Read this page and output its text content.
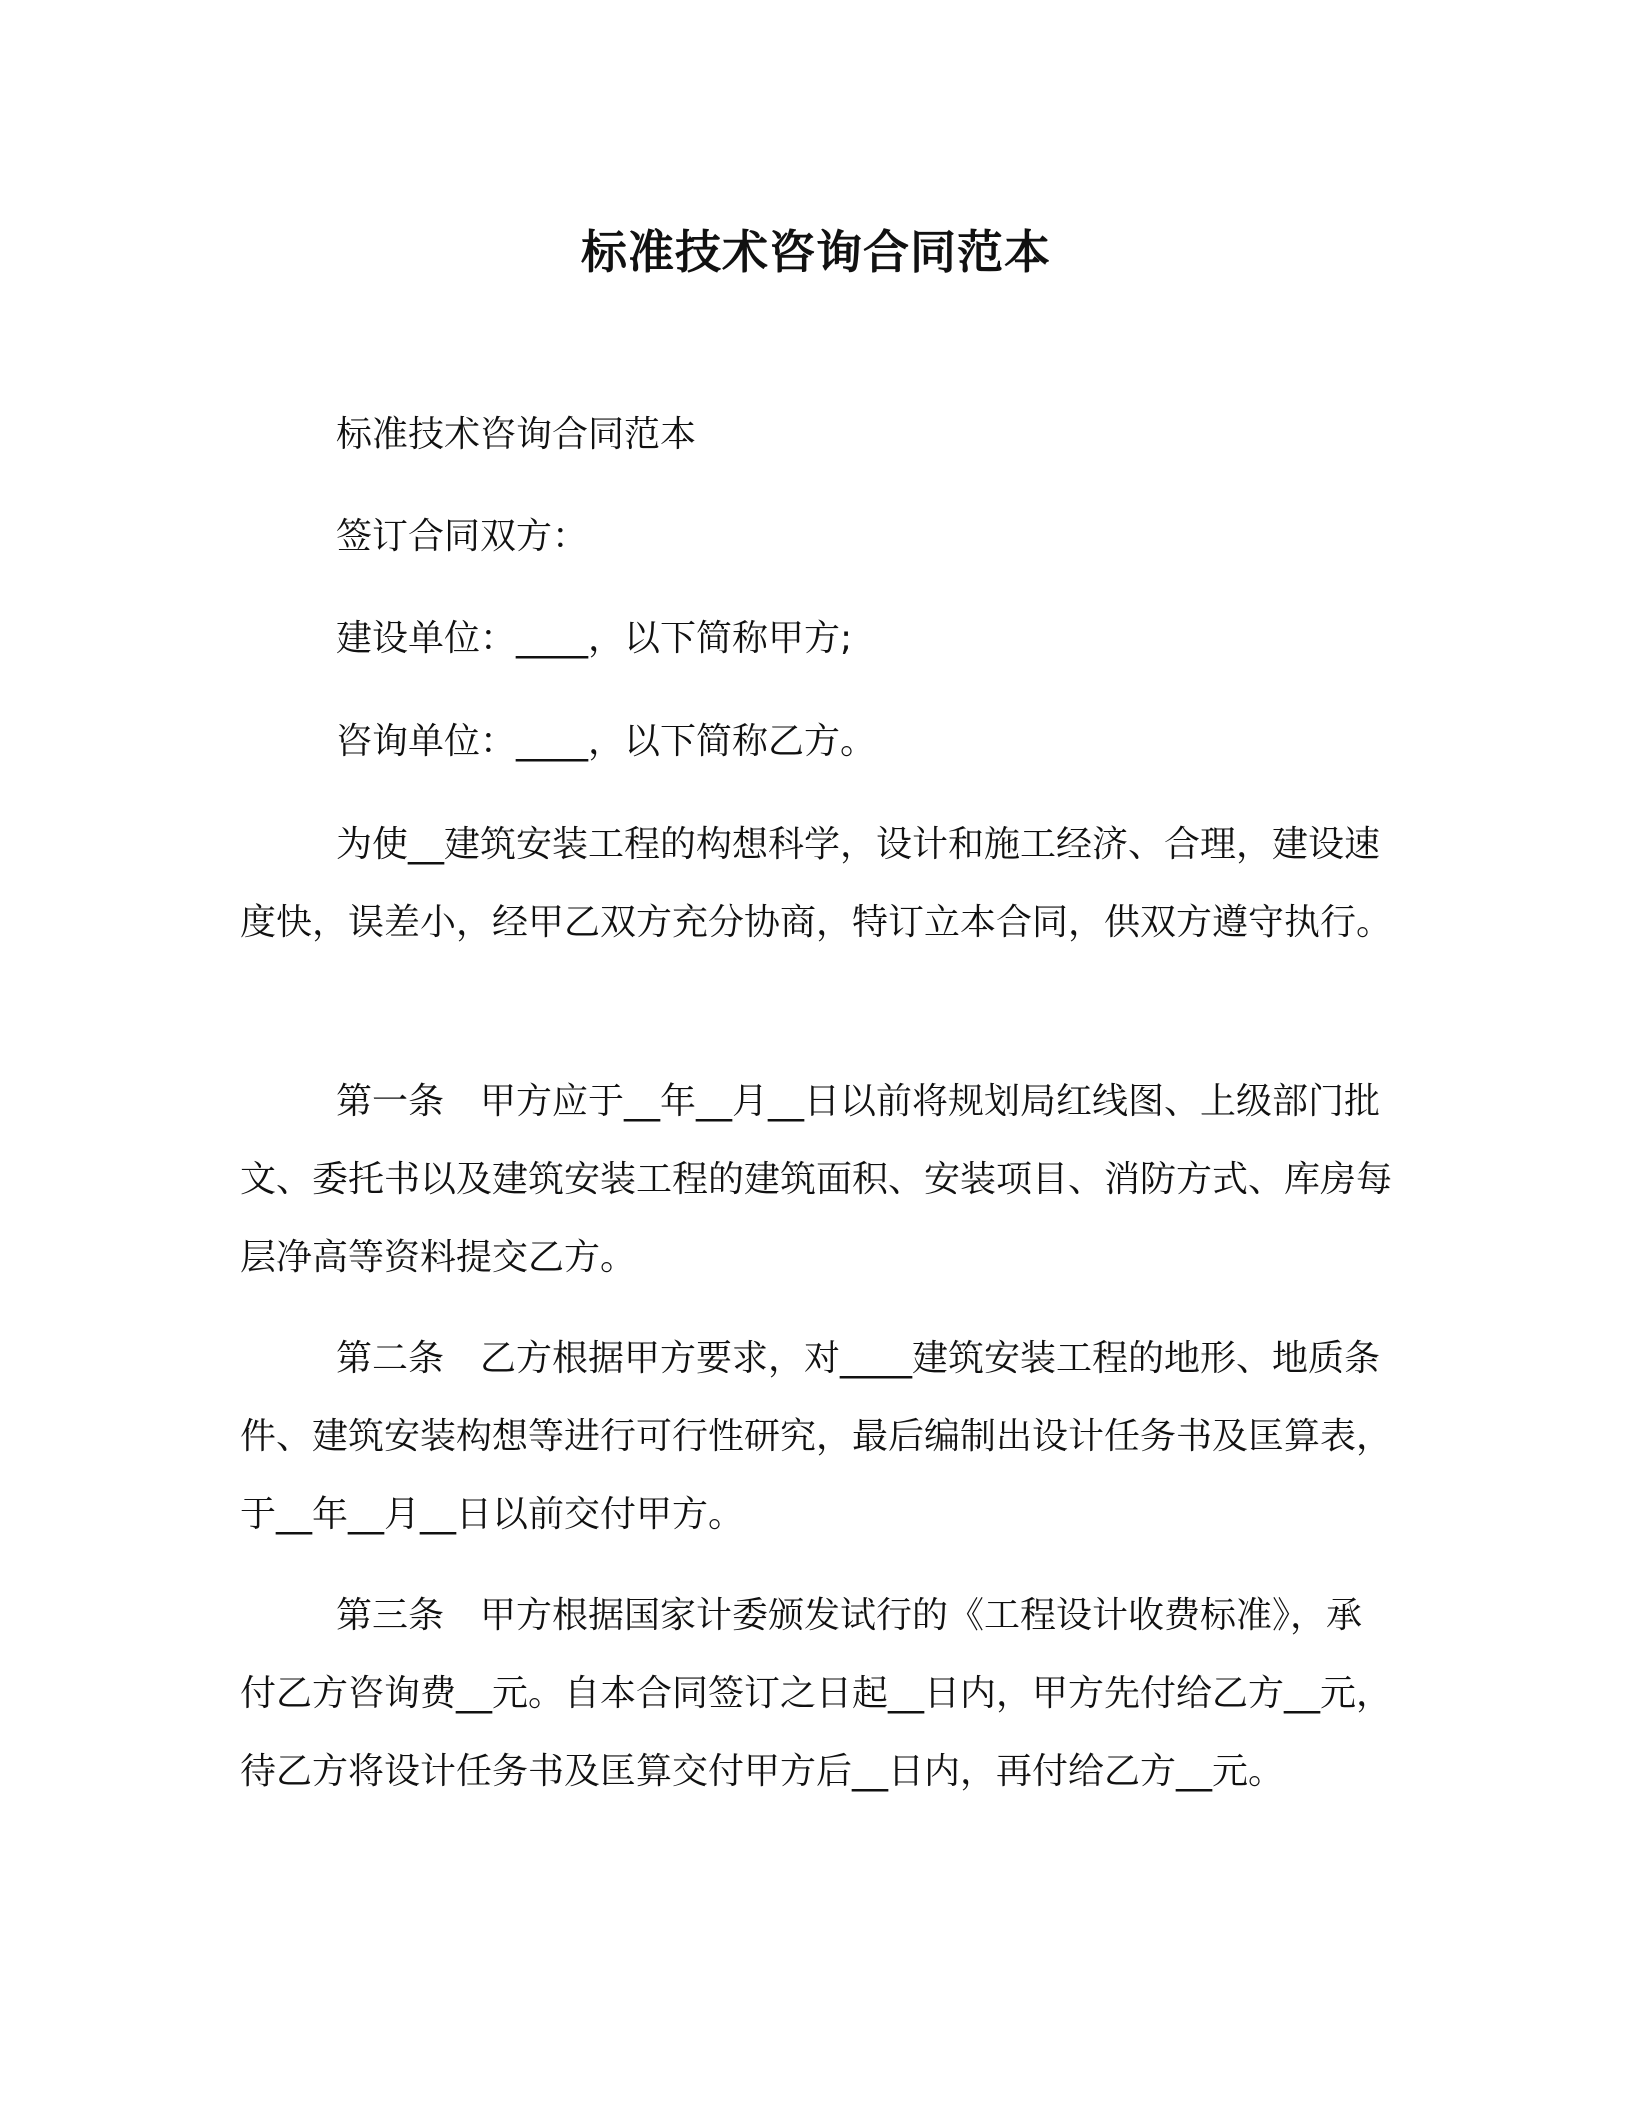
标准技术咨询合同范本

标准技术咨询合同范本

签订合同双方：

建设单位：____，以下简称甲方;

咨询单位：____，以下简称乙方。

为使__建筑安装工程的构想科学，设计和施工经济、合理，建设速度快，误差小，经甲乙双方充分协商，特订立本合同，供双方遵守执行。

第一条　甲方应于__年__月__日以前将规划局红线图、上级部门批文、委托书以及建筑安装工程的建筑面积、安装项目、消防方式、库房每层净高等资料提交乙方。

第二条　乙方根据甲方要求，对____建筑安装工程的地形、地质条件、建筑安装构想等进行可行性研究，最后编制出设计任务书及匡算表，于__年__月__日以前交付甲方。

第三条　甲方根据国家计委颁发试行的《工程设计收费标准》，承付乙方咨询费__元。自本合同签订之日起__日内，甲方先付给乙方__元，待乙方将设计任务书及匡算交付甲方后__日内，再付给乙方__元。
